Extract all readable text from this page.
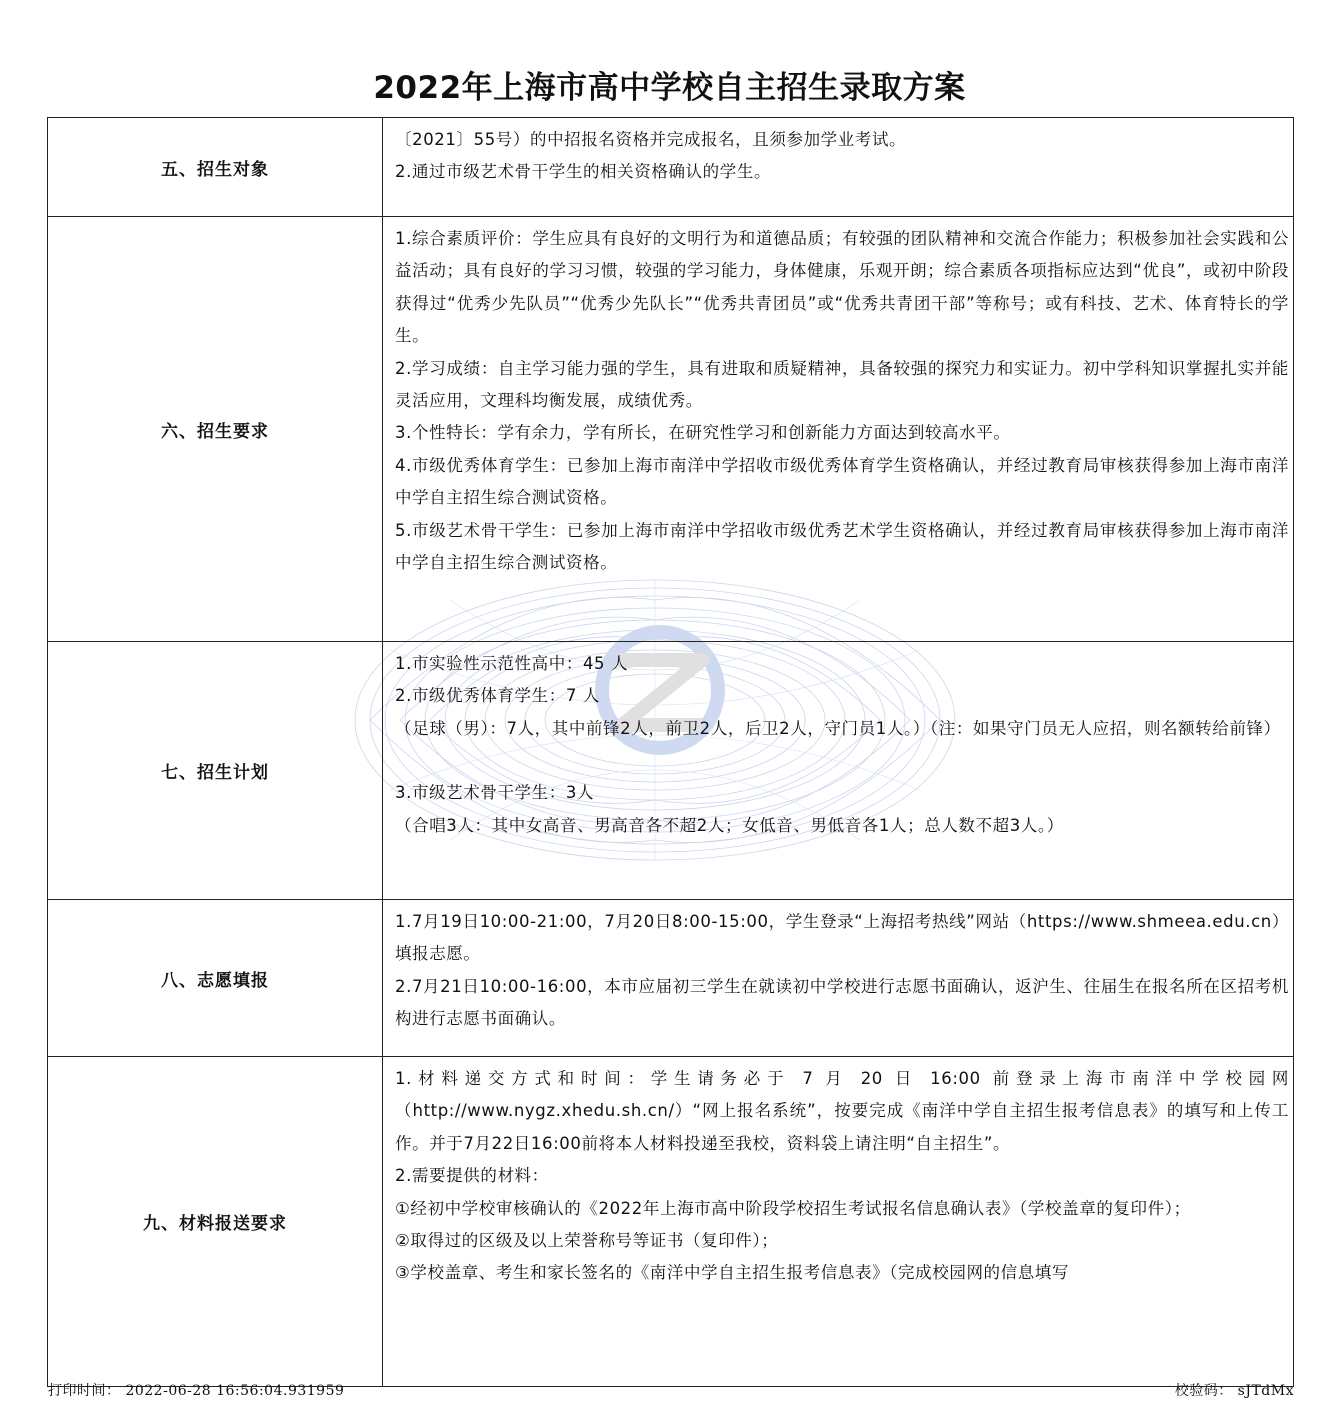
2022年上海市高中学校自主招生录取方案
五、招生对象	〔2021〕55号）的中招报名资格并完成报名，且须参加学业考试。
2.通过市级艺术骨干学生的相关资格确认的学生。

六、招生要求	1.综合素质评价：学生应具有良好的文明行为和道德品质；有较强的团队精神和交流合作能力；积极参加社会实践和公益活动；具有良好的学习习惯，较强的学习能力，身体健康，乐观开朗；综合素质各项指标应达到“优良”，或初中阶段获得过“优秀少先队员”“优秀少先队长”“优秀共青团员”或“优秀共青团干部”等称号；或有科技、艺术、体育特长的学生。
2.学习成绩：自主学习能力强的学生，具有进取和质疑精神，具备较强的探究力和实证力。初中学科知识掌握扎实并能灵活应用，文理科均衡发展，成绩优秀。
3.个性特长：学有余力，学有所长，在研究性学习和创新能力方面达到较高水平。
4.市级优秀体育学生：已参加上海市南洋中学招收市级优秀体育学生资格确认，并经过教育局审核获得参加上海市南洋中学自主招生综合测试资格。
5.市级艺术骨干学生：已参加上海市南洋中学招收市级优秀艺术学生资格确认，并经过教育局审核获得参加上海市南洋中学自主招生综合测试资格。

七、招生计划	1.市实验性示范性高中：45 人
2.市级优秀体育学生：7 人
（足球（男）：7人，其中前锋2人，前卫2人，后卫2人，守门员1人。）（注：如果守门员无人应招，则名额转给前锋）
3.市级艺术骨干学生：3人
（合唱3人：其中女高音、男高音各不超2人；女低音、男低音各1人；总人数不超3人。）

八、志愿填报	1.7月19日10:00-21:00，7月20日8:00-15:00，学生登录“上海招考热线”网站（https://www.shmeea.edu.cn）填报志愿。
2.7月21日10:00-16:00，本市应届初三学生在就读初中学校进行志愿书面确认，返沪生、往届生在报名所在区招考机构进行志愿书面确认。

九、材料报送要求	1.材料递交方式和时间：学生请务必于 7 月 20 日 16:00 前登录上海市南洋中学校园网（http://www.nygz.xhedu.sh.cn/）“网上报名系统”，按要完成《南洋中学自主招生报考信息表》的填写和上传工作。并于7月22日16:00前将本人材料投递至我校，资料袋上请注明“自主招生”。
2.需要提供的材料：
①经初中学校审核确认的《2022年上海市高中阶段学校招生考试报名信息确认表》（学校盖章的复印件）；
②取得过的区级及以上荣誉称号等证书（复印件）；
③学校盖章、考生和家长签名的《南洋中学自主招生报考信息表》（完成校园网的信息填写
打印时间： 2022-06-28 16:56:04.931959	校验码： sJTdMx
